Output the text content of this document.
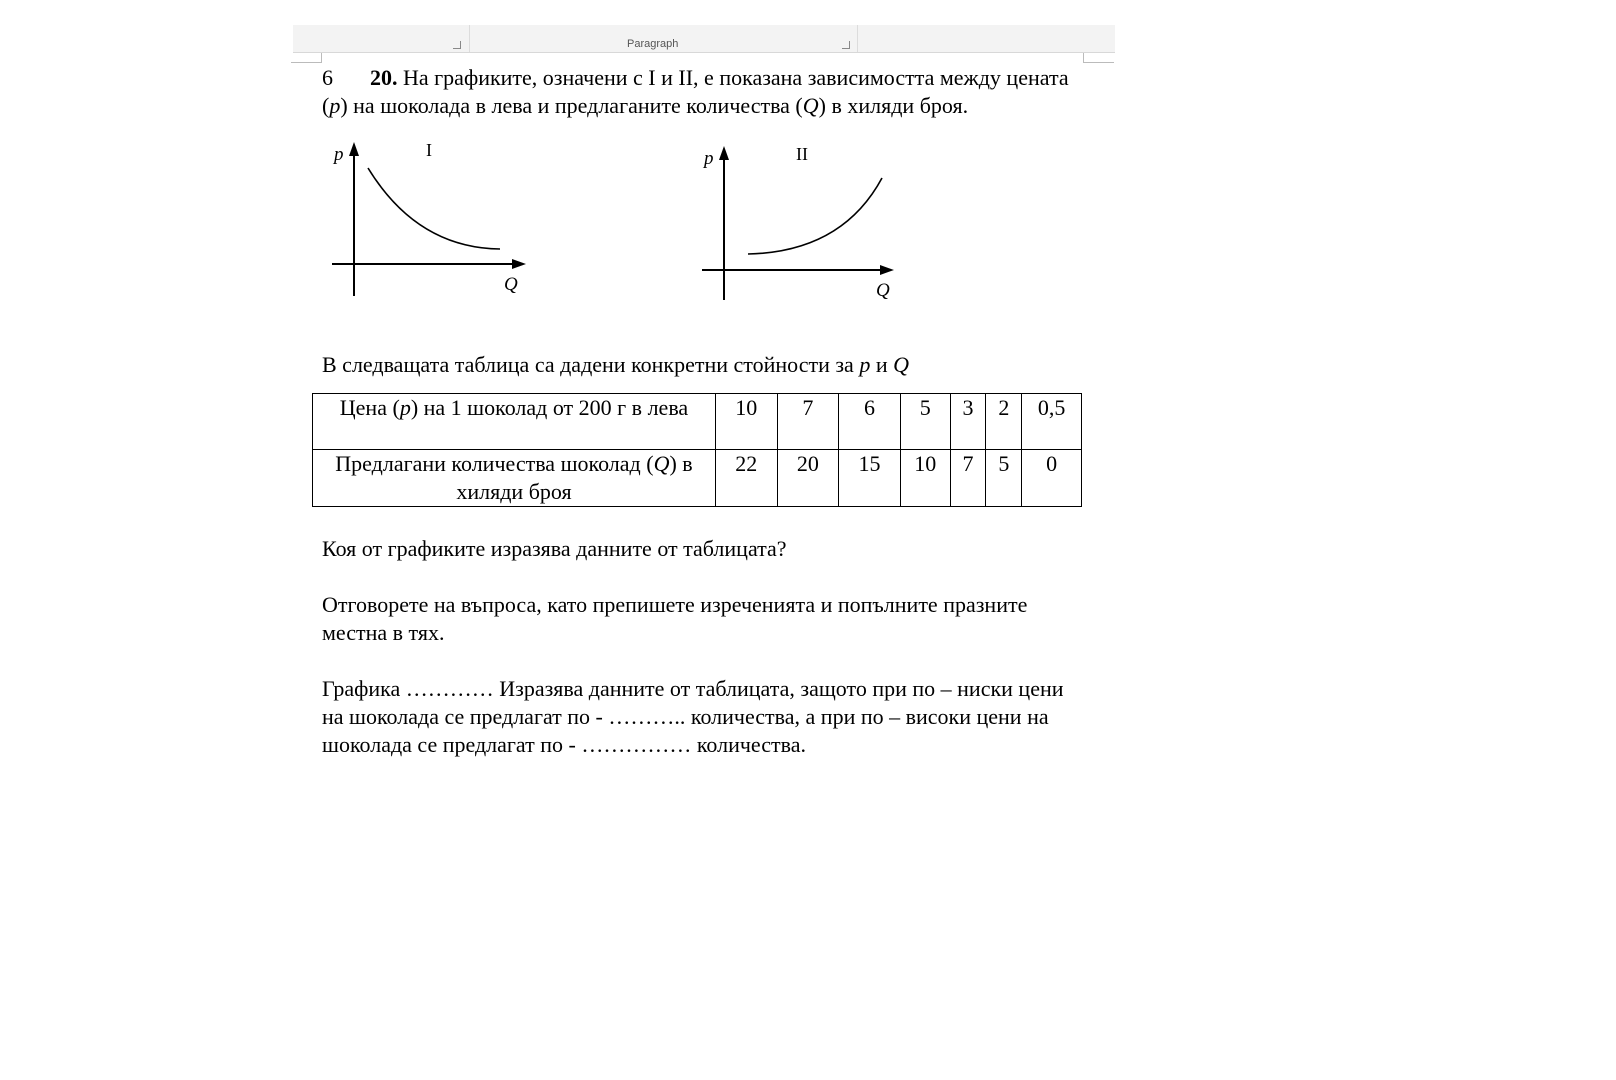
Paragraph

6 20. На графиките, означени с I и II, е показана зависимостта между цената (p) на шоколада в лева и предлаганите количества (Q) в хиляди броя.

p	I
Q
p	II
Q

В следващата таблица са дадени конкретни стойности за p и Q

Цена (p) на 1 шоколад от 200 г в лева	10	7	6	5	3	2	0,5
Предлагани количества шоколад (Q) в хиляди броя	22	20	15	10	7	5	0

Коя от графиките изразява данните от таблицата?

Отговорете на въпроса, като препишете изреченията и попълните празните местна в тях.

Графика ………… Изразява данните от таблицата, защото при по – ниски цени на шоколада се предлагат по - ……….. количества, а при по – високи цени на шоколада се предлагат по - …………… количества.
